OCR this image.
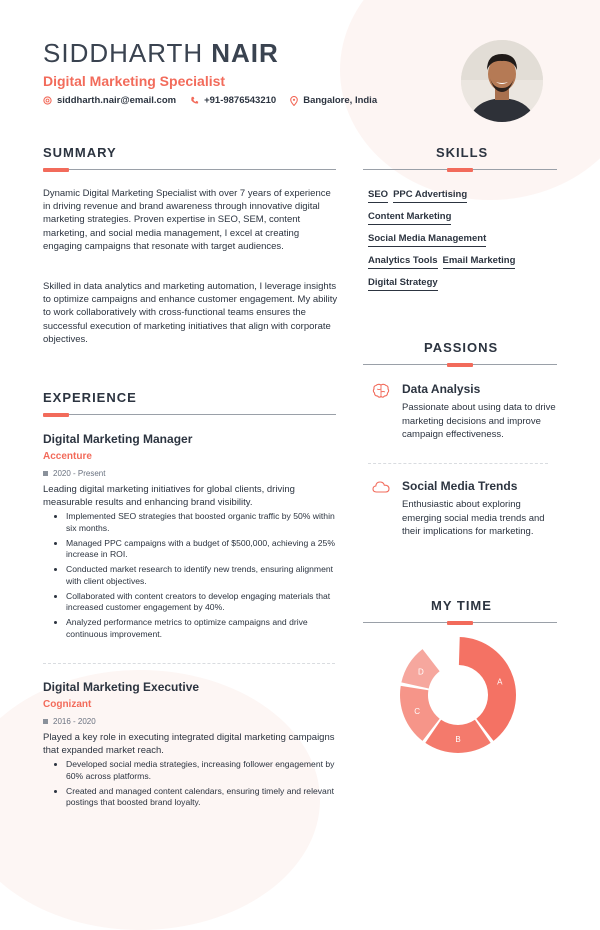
SIDDHARTH NAIR
Digital Marketing Specialist
siddharth.nair@email.com	+91-9876543210	Bangalore, India
SUMMARY
Dynamic Digital Marketing Specialist with over 7 years of experience in driving revenue and brand awareness through innovative digital marketing strategies. Proven expertise in SEO, SEM, content marketing, and social media management, I excel at creating engaging campaigns that resonate with target audiences.
Skilled in data analytics and marketing automation, I leverage insights to optimize campaigns and enhance customer engagement. My ability to work collaboratively with cross-functional teams ensures the successful execution of marketing initiatives that align with corporate objectives.
SKILLS
SEO PPC Advertising
Content Marketing
Social Media Management
Analytics Tools Email Marketing
Digital Strategy
PASSIONS
Data Analysis
Passionate about using data to drive marketing decisions and improve campaign effectiveness.
Social Media Trends
Enthusiastic about exploring emerging social media trends and their implications for marketing.
MY TIME
A
B
C
D
EXPERIENCE
Digital Marketing Manager
Accenture
2020 - Present
Leading digital marketing initiatives for global clients, driving measurable results and enhancing brand visibility.
• Implemented SEO strategies that boosted organic traffic by 50% within six months.
• Managed PPC campaigns with a budget of $500,000, achieving a 25% increase in ROI.
• Conducted market research to identify new trends, ensuring alignment with client objectives.
• Collaborated with content creators to develop engaging materials that increased customer engagement by 40%.
• Analyzed performance metrics to optimize campaigns and drive continuous improvement.
Digital Marketing Executive
Cognizant
2016 - 2020
Played a key role in executing integrated digital marketing campaigns that expanded market reach.
• Developed social media strategies, increasing follower engagement by 60% across platforms.
• Created and managed content calendars, ensuring timely and relevant postings that boosted brand loyalty.
